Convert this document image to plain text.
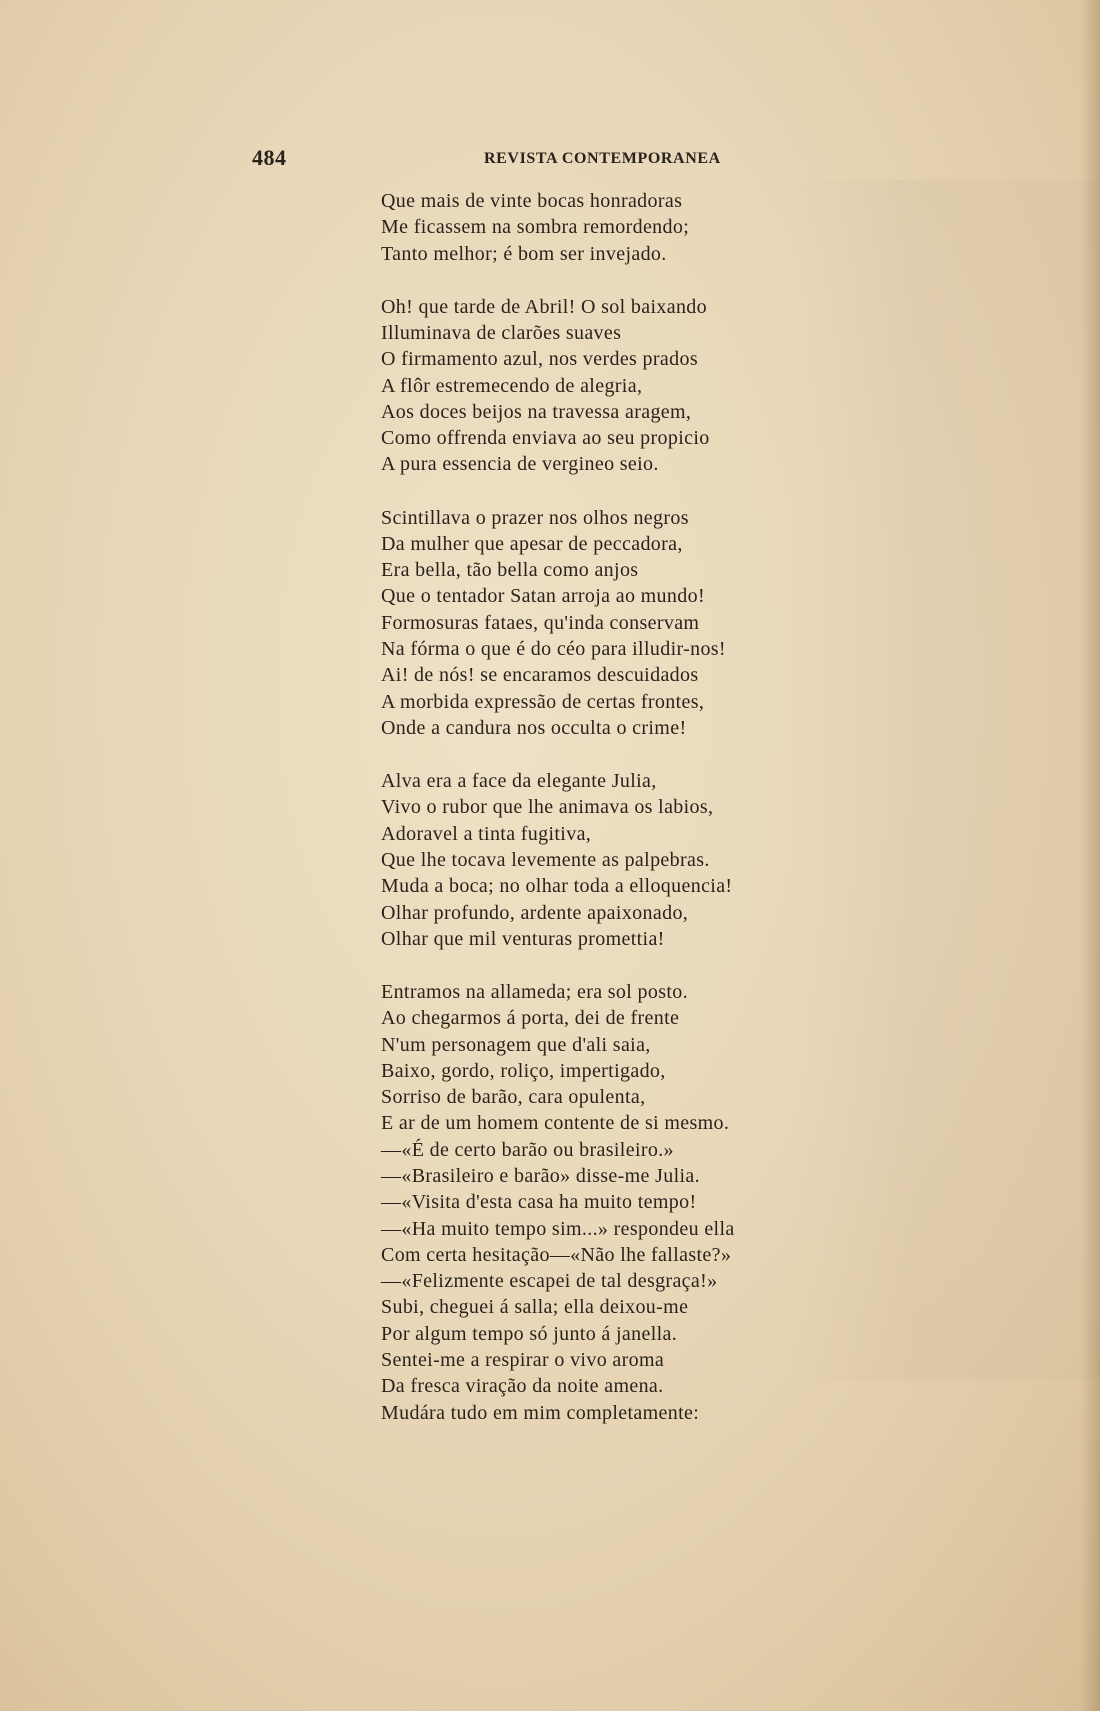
484	REVISTA CONTEMPORANEA
Que mais de vinte bocas honradoras
Me ficassem na sombra remordendo;
Tanto melhor; é bom ser invejado.
Oh! que tarde de Abril! O sol baixando
Illuminava de clarões suaves
O firmamento azul, nos verdes prados
A flôr estremecendo de alegria,
Aos doces beijos na travessa aragem,
Como offrenda enviava ao seu propicio
A pura essencia de vergineo seio.
Scintillava o prazer nos olhos negros
Da mulher que apesar de peccadora,
Era bella, tão bella como anjos
Que o tentador Satan arroja ao mundo!
Formosuras fataes, qu'inda conservam
Na fórma o que é do céo para illudir-nos!
Ai! de nós! se encaramos descuidados
A morbida expressão de certas frontes,
Onde a candura nos occulta o crime!
Alva era a face da elegante Julia,
Vivo o rubor que lhe animava os labios,
Adoravel a tinta fugitiva,
Que lhe tocava levemente as palpebras.
Muda a boca; no olhar toda a elloquencia!
Olhar profundo, ardente apaixonado,
Olhar que mil venturas promettia!
Entramos na allameda; era sol posto.
Ao chegarmos á porta, dei de frente
N'um personagem que d'ali saia,
Baixo, gordo, roliço, impertigado,
Sorriso de barão, cara opulenta,
E ar de um homem contente de si mesmo.
—«É de certo barão ou brasileiro.»
—«Brasileiro e barão» disse-me Julia.
—«Visita d'esta casa ha muito tempo!
—«Ha muito tempo sim...» respondeu ella
Com certa hesitação—«Não lhe fallaste?»
—«Felizmente escapei de tal desgraça!»
Subi, cheguei á salla; ella deixou-me
Por algum tempo só junto á janella.
Sentei-me a respirar o vivo aroma
Da fresca viração da noite amena.
Mudára tudo em mim completamente:
